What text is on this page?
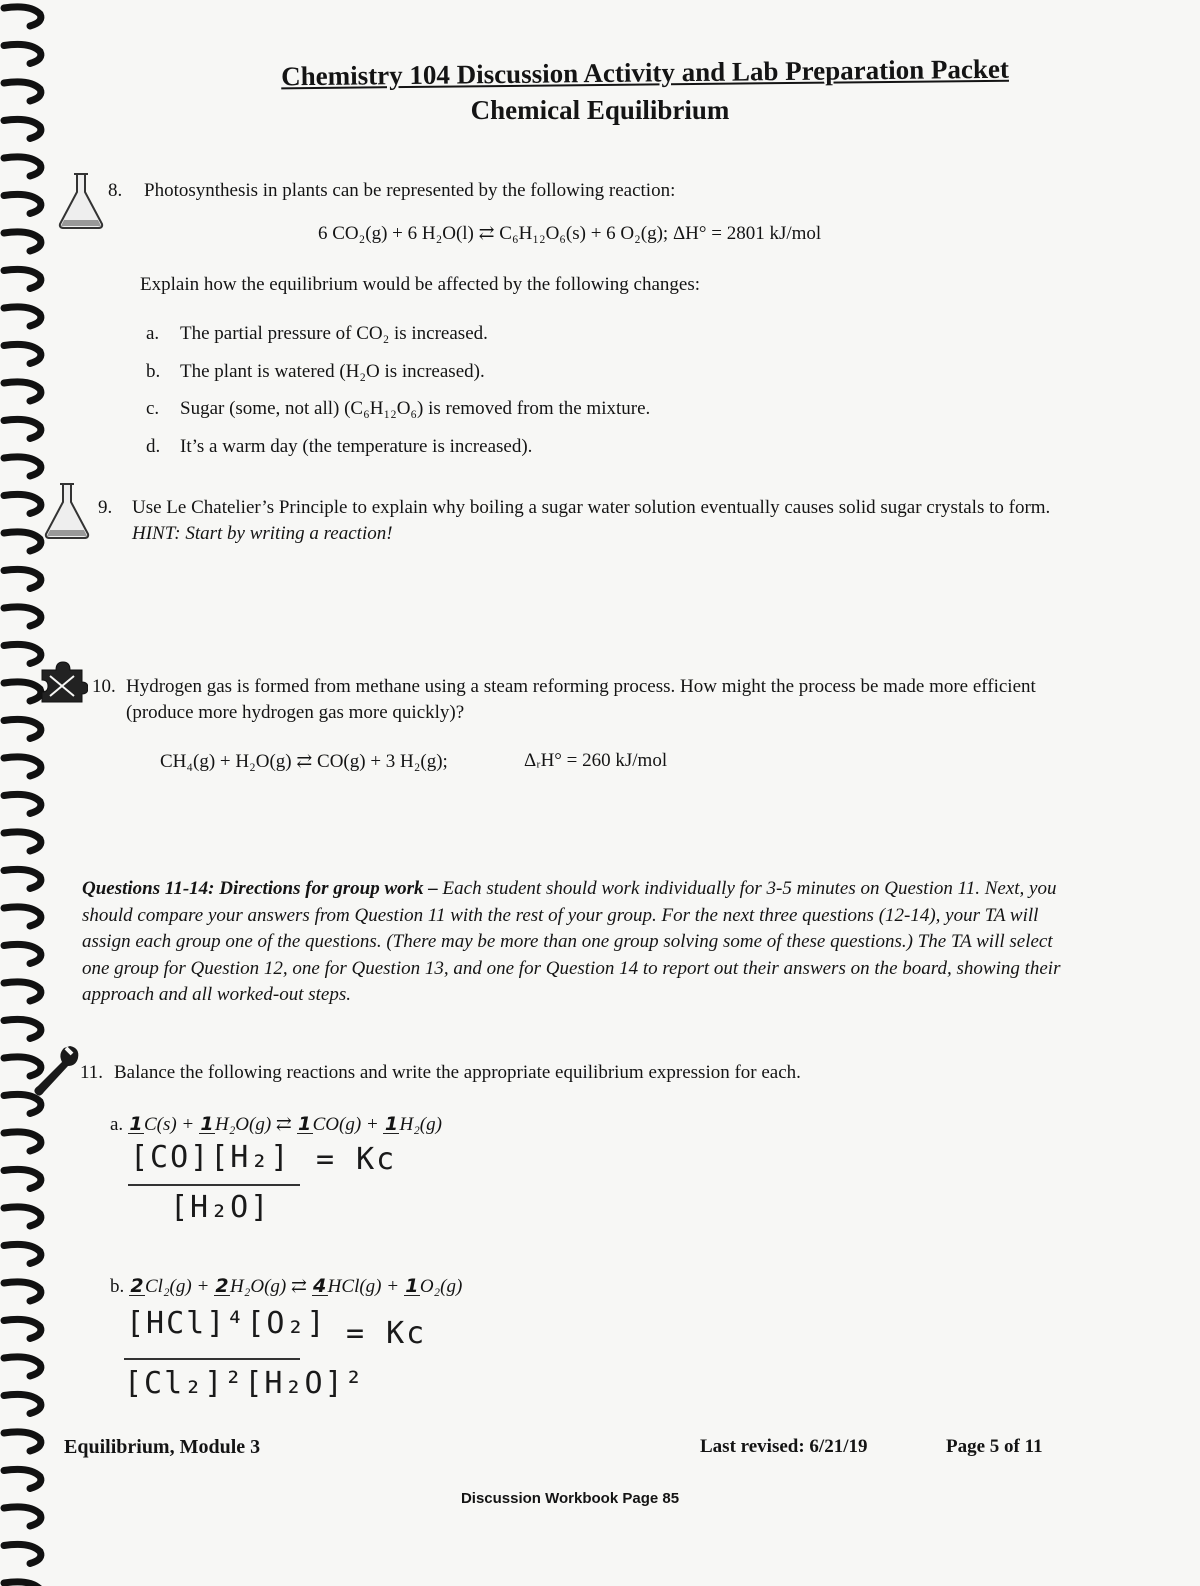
Chemistry 104 Discussion Activity and Lab Preparation Packet
Chemical Equilibrium
8. Photosynthesis in plants can be represented by the following reaction:
6 CO₂(g) + 6 H₂O(l) ⇄ C₆H₁₂O₆(s) + 6 O₂(g); ΔH° = 2801 kJ/mol
Explain how the equilibrium would be affected by the following changes:
a. The partial pressure of CO₂ is increased.
b. The plant is watered (H₂O is increased).
c. Sugar (some, not all) (C₆H₁₂O₆) is removed from the mixture.
d. It’s a warm day (the temperature is increased).
9. Use Le Chatelier’s Principle to explain why boiling a sugar water solution eventually causes solid sugar crystals to form. HINT: Start by writing a reaction!
10. Hydrogen gas is formed from methane using a steam reforming process. How might the process be made more efficient (produce more hydrogen gas more quickly)?
CH₄(g) + H₂O(g) ⇄ CO(g) + 3 H₂(g);	ΔᵣH° = 260 kJ/mol
Questions 11-14: Directions for group work – Each student should work individually for 3-5 minutes on Question 11. Next, you should compare your answers from Question 11 with the rest of your group. For the next three questions (12-14), your TA will assign each group one of the questions. (There may be more than one group solving some of these questions.) The TA will select one group for Question 12, one for Question 13, and one for Question 14 to report out their answers on the board, showing their approach and all worked-out steps.
11. Balance the following reactions and write the appropriate equilibrium expression for each.
a. 1C(s) + 1H₂O(g) ⇄ 1CO(g) + 1H₂(g)
[CO][H₂] = Kc
[H₂O]
b. 2Cl₂(g) + 2H₂O(g) ⇄ 4HCl(g) + 1O₂(g)
[HCl]⁴[O₂] = Kc
[Cl₂]²[H₂O]²
Equilibrium, Module 3	Last revised: 6/21/19	Page 5 of 11
Discussion Workbook Page 85
